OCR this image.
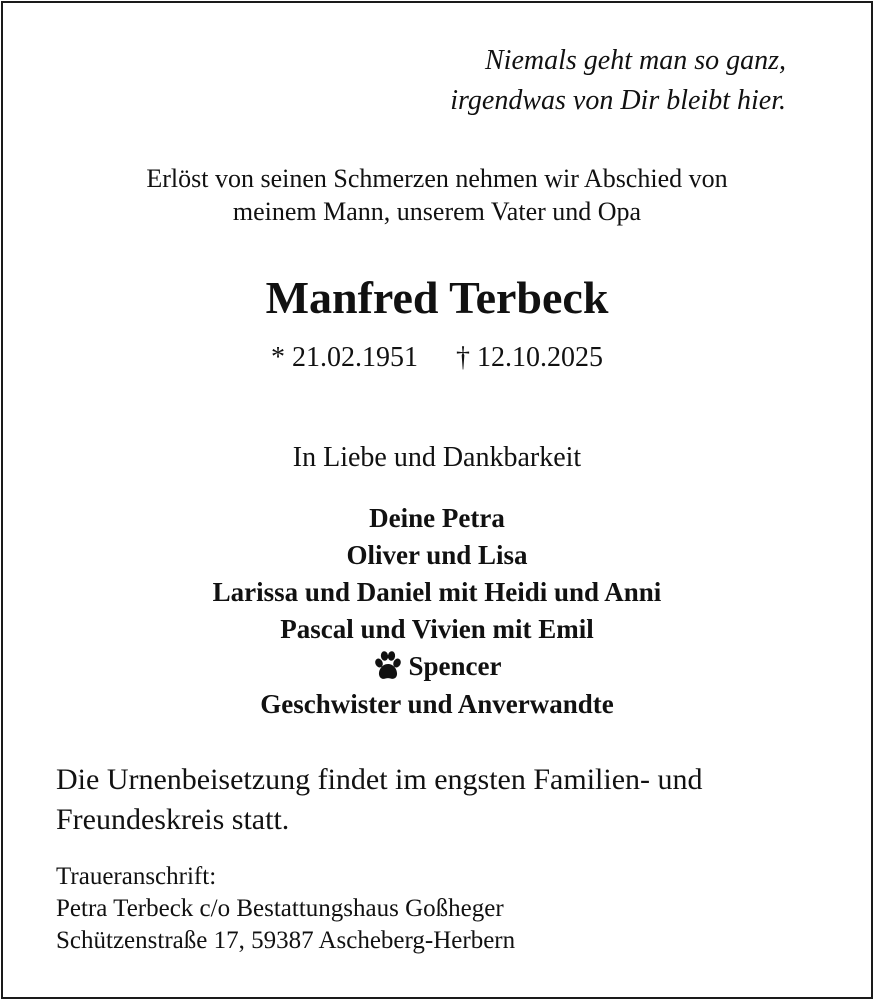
Niemals geht man so ganz,

irgendwas von Dir bleibt hier.

Erlöst von seinen Schmerzen nehmen wir Abschied von

meinem Mann, unserem Vater und Opa

Manfred Terbeck

* 21.02.1951 † 12.10.2025

In Liebe und Dankbarkeit

Deine Petra

Oliver und Lisa

Larissa und Daniel mit Heidi und Anni

Pascal und Vivien mit Emil

Spencer

Geschwister und Anverwandte

Die Urnenbeisetzung findet im engsten Familien- und

Freundeskreis statt.

Traueranschrift:

Petra Terbeck c/o Bestattungshaus Goßheger

Schützenstraße 17, 59387 Ascheberg-Herbern
